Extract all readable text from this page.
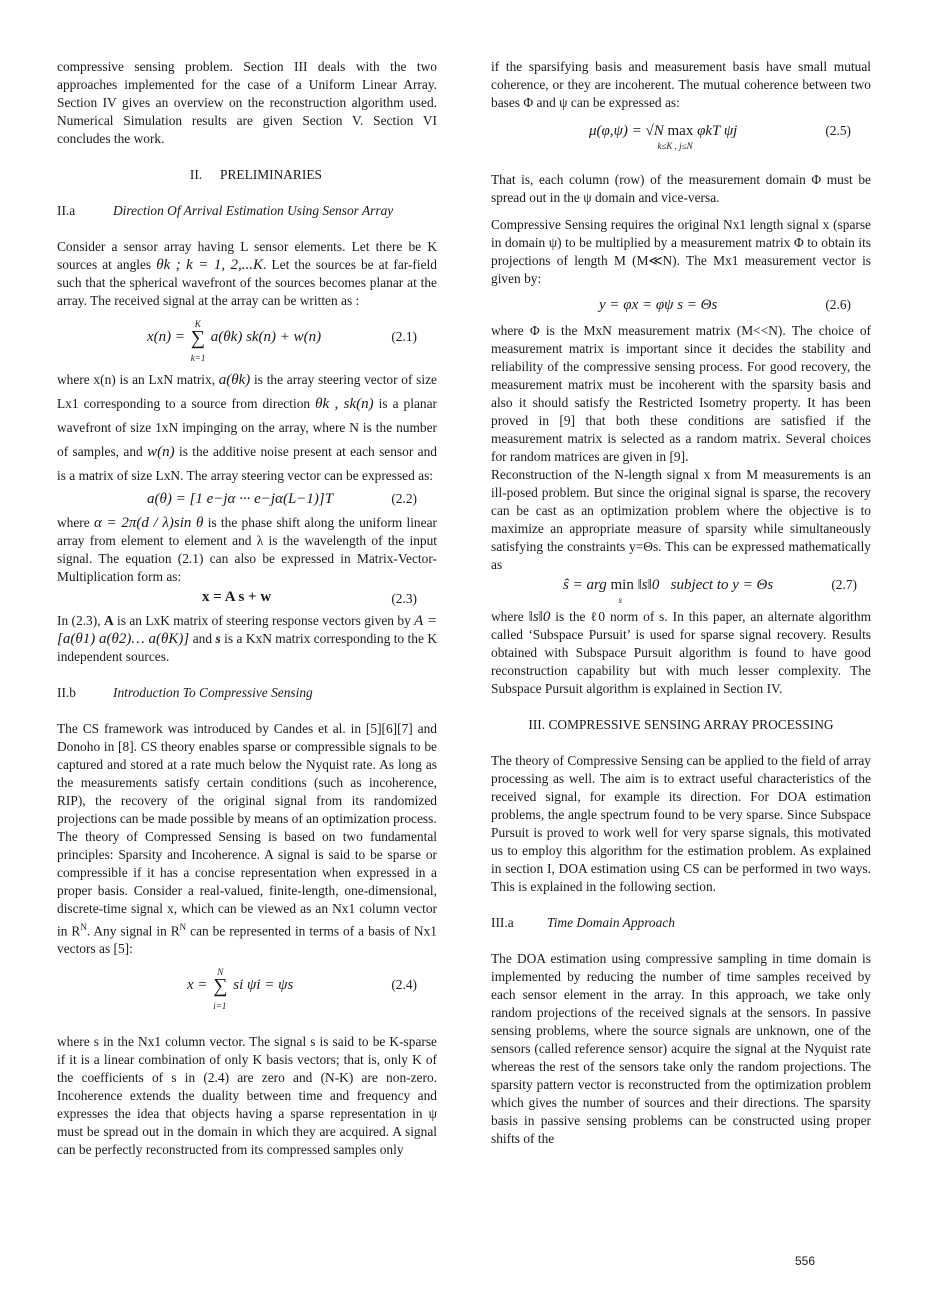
compressive sensing problem. Section III deals with the two approaches implemented for the case of a Uniform Linear Array. Section IV gives an overview on the reconstruction algorithm used. Numerical Simulation results are given Section V. Section VI concludes the work.

II. PRELIMINARIES

II.a	Direction Of Arrival Estimation Using Sensor Array

Consider a sensor array having L sensor elements. Let there be K sources at angles θk ; k = 1, 2,...K. Let the sources be at far-field such that the spherical wavefront of the sources becomes planar at the array. The received signal at the array can be written as :

x(n) = ∑
K
k=1
a(θk) sk(n) + w(n)	(2.1)

where x(n) is an LxN matrix, a(θk) is the array steering vector of size Lx1 corresponding to a source from direction θk , sk(n) is a planar wavefront of size 1xN impinging on the array, where N is the number of samples, and w(n) is the additive noise present at each sensor and is a matrix of size LxN. The array steering vector can be expressed as:

a(θ) = [1 e−jα ··· e−jα(L−1)]T	(2.2)

where α = 2π(d / λ)sin θ is the phase shift along the uniform linear array from element to element and λ is the wavelength of the input signal. The equation (2.1) can also be expressed in Matrix-Vector-Multiplication form as:

x = A s + w	(2.3)

In (2.3), A is an LxK matrix of steering response vectors given by A = [a(θ1) a(θ2)… a(θK)] and s is a KxN matrix corresponding to the K independent sources.

II.b	Introduction To Compressive Sensing

The CS framework was introduced by Candes et al. in [5][6][7] and Donoho in [8]. CS theory enables sparse or compressible signals to be captured and stored at a rate much below the Nyquist rate. As long as the measurements satisfy certain conditions (such as incoherence, RIP), the recovery of the original signal from its randomized projections can be made possible by means of an optimization process.

The theory of Compressed Sensing is based on two fundamental principles: Sparsity and Incoherence. A signal is said to be sparse or compressible if it has a concise representation when expressed in a proper basis. Consider a real-valued, finite-length, one-dimensional, discrete-time signal x, which can be viewed as an Nx1 column vector in $R^N$. Any signal in $R^N$ can be represented in terms of a basis of Nx1 vectors as [5]:

x = ∑
N
i=1
si ψi = ψs	(2.4)

where s in the Nx1 column vector. The signal s is said to be K-sparse if it is a linear combination of only K basis vectors; that is, only K of the coefficients of s in (2.4) are zero and (N-K) are non-zero. Incoherence extends the duality between time and frequency and expresses the idea that objects having a sparse representation in ψ must be spread out in the domain in which they are acquired. A signal can be perfectly reconstructed from its compressed samples only

if the sparsifying basis and measurement basis have small mutual coherence, or they are incoherent. The mutual coherence between two bases Φ and ψ can be expressed as:

μ(φ,ψ) = √N max
k≤K , j≤N
φkT ψj	(2.5)

That is, each column (row) of the measurement domain Φ must be spread out in the ψ domain and vice-versa.

Compressive Sensing requires the original Nx1 length signal x (sparse in domain ψ) to be multiplied by a measurement matrix Φ to obtain its projections of length M (M≪N). The Mx1 measurement vector is given by:

y = φx = φψ s = Θs	(2.6)

where Φ is the MxN measurement matrix (M<<N). The choice of measurement matrix is important since it decides the stability and reliability of the compressive sensing process. For good recovery, the measurement matrix must be incoherent with the sparsity basis and also it should satisfy the Restricted Isometry property. It has been proved in [9] that both these conditions are satisfied if the measurement matrix is selected as a random matrix. Several choices for random matrices are given in [9].

Reconstruction of the N-length signal x from M measurements is an ill-posed problem. But since the original signal is sparse, the recovery can be cast as an optimization problem where the objective is to maximize an appropriate measure of sparsity while simultaneously satisfying the constraints y=Θs. This can be expressed mathematically as

ŝ = arg min
s
‖s‖0 subject to y = Θs	(2.7)

where ‖s‖0 is the ℓ0 norm of s. In this paper, an alternate algorithm called ‘Subspace Pursuit’ is used for sparse signal recovery. Results obtained with Subspace Pursuit algorithm is found to have good reconstruction capability but with much lesser complexity. The Subspace Pursuit algorithm is explained in Section IV.

III. COMPRESSIVE SENSING ARRAY PROCESSING

The theory of Compressive Sensing can be applied to the field of array processing as well. The aim is to extract useful characteristics of the received signal, for example its direction. For DOA estimation problems, the angle spectrum found to be very sparse. Since Subspace Pursuit is proved to work well for very sparse signals, this motivated us to employ this algorithm for the estimation problem. As explained in section I, DOA estimation using CS can be performed in two ways. This is explained in the following section.

III.a Time Domain Approach

The DOA estimation using compressive sampling in time domain is implemented by reducing the number of time samples received by each sensor element in the array. In this approach, we take only random projections of the received signals at the sensors. In passive sensing problems, where the source signals are unknown, one of the sensors (called reference sensor) acquire the signal at the Nyquist rate whereas the rest of the sensors take only the random projections. The sparsity pattern vector is reconstructed from the optimization problem which gives the number of sources and their directions. The sparsity basis in passive sensing problems can be constructed using proper shifts of the

556
